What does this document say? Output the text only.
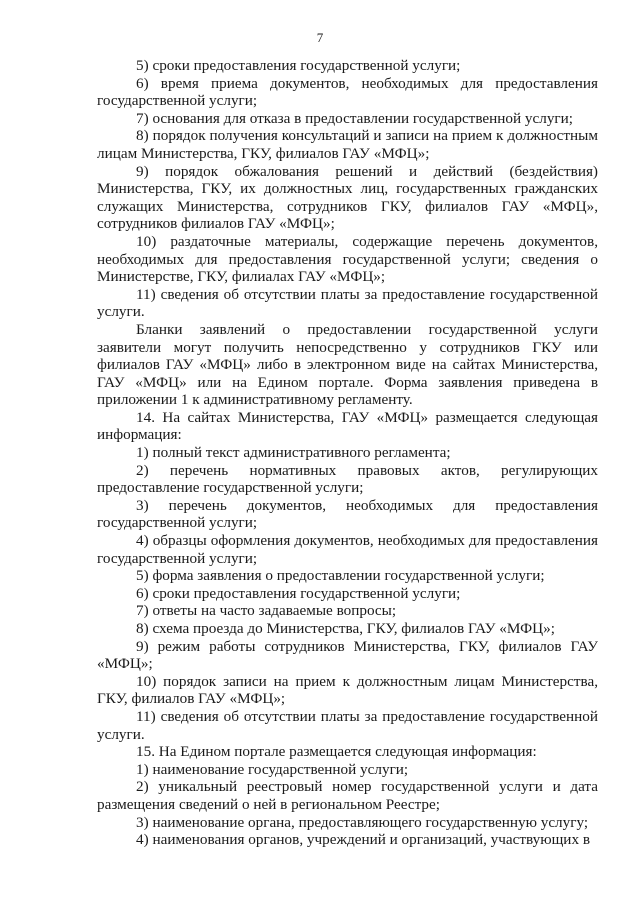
7

5) сроки предоставления государственной услуги;

6) время приема документов, необходимых для предоставления государственной услуги;

7) основания для отказа в предоставлении государственной услуги;

8) порядок получения консультаций и записи на прием к должностным лицам Министерства, ГКУ, филиалов ГАУ «МФЦ»;

9) порядок обжалования решений и действий (бездействия) Министерства, ГКУ, их должностных лиц, государственных гражданских служащих Министерства, сотрудников ГКУ, филиалов ГАУ «МФЦ», сотрудников филиалов ГАУ «МФЦ»;

10) раздаточные материалы, содержащие перечень документов, необходимых для предоставления государственной услуги; сведения о Министерстве, ГКУ, филиалах ГАУ «МФЦ»;

11) сведения об отсутствии платы за предоставление государственной услуги.

Бланки заявлений о предоставлении государственной услуги заявители могут получить непосредственно у сотрудников ГКУ или филиалов ГАУ «МФЦ» либо в электронном виде на сайтах Министерства, ГАУ «МФЦ» или на Едином портале. Форма заявления приведена в приложении 1 к административному регламенту.

14. На сайтах Министерства, ГАУ «МФЦ» размещается следующая информация:

1) полный текст административного регламента;

2) перечень нормативных правовых актов, регулирующих предоставление государственной услуги;

3) перечень документов, необходимых для предоставления государственной услуги;

4) образцы оформления документов, необходимых для предоставления государственной услуги;

5) форма заявления о предоставлении государственной услуги;

6) сроки предоставления государственной услуги;

7) ответы на часто задаваемые вопросы;

8) схема проезда до Министерства, ГКУ, филиалов ГАУ «МФЦ»;

9) режим работы сотрудников Министерства, ГКУ, филиалов ГАУ «МФЦ»;

10) порядок записи на прием к должностным лицам Министерства, ГКУ, филиалов ГАУ «МФЦ»;

11) сведения об отсутствии платы за предоставление государственной услуги.

15. На Едином портале размещается следующая информация:

1) наименование государственной услуги;

2) уникальный реестровый номер государственной услуги и дата размещения сведений о ней в региональном Реестре;

3) наименование органа, предоставляющего государственную услугу;

4) наименования органов, учреждений и организаций, участвующих в
